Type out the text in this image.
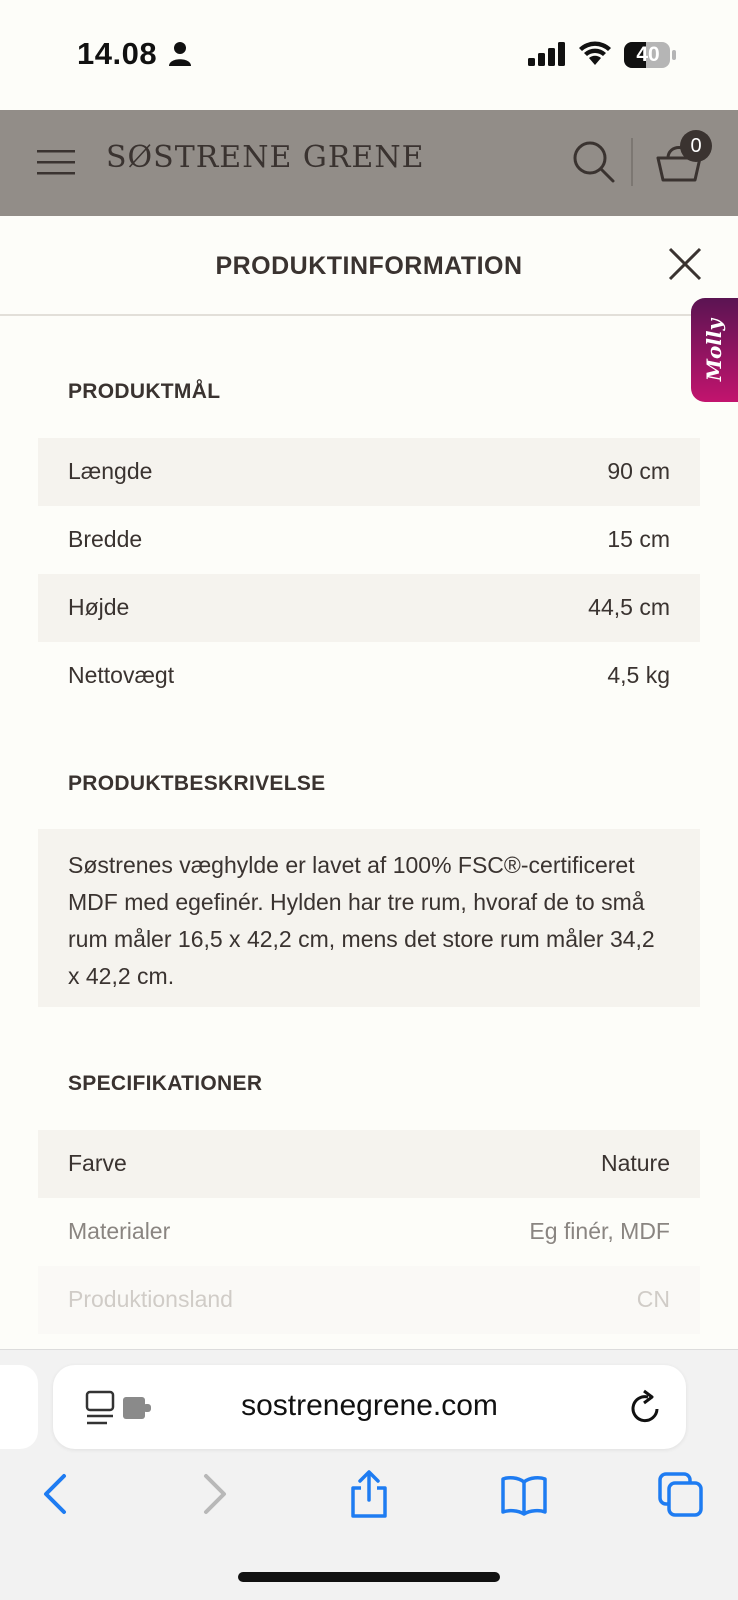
14.08	40
SØSTRENE GRENE	0
PRODUKTINFORMATION
Molly
PRODUKTMÅL
Længde	90 cm
Bredde	15 cm
Højde	44,5 cm
Nettovægt	4,5 kg
PRODUKTBESKRIVELSE
Søstrenes væghylde er lavet af 100% FSC®-certificeret MDF med egefinér. Hylden har tre rum, hvoraf de to små rum måler 16,5 x 42,2 cm, mens det store rum måler 34,2 x 42,2 cm.
SPECIFIKATIONER
Farve	Nature
Materialer	Eg finér, MDF
Produktionsland	CN
sostrenegrene.com
